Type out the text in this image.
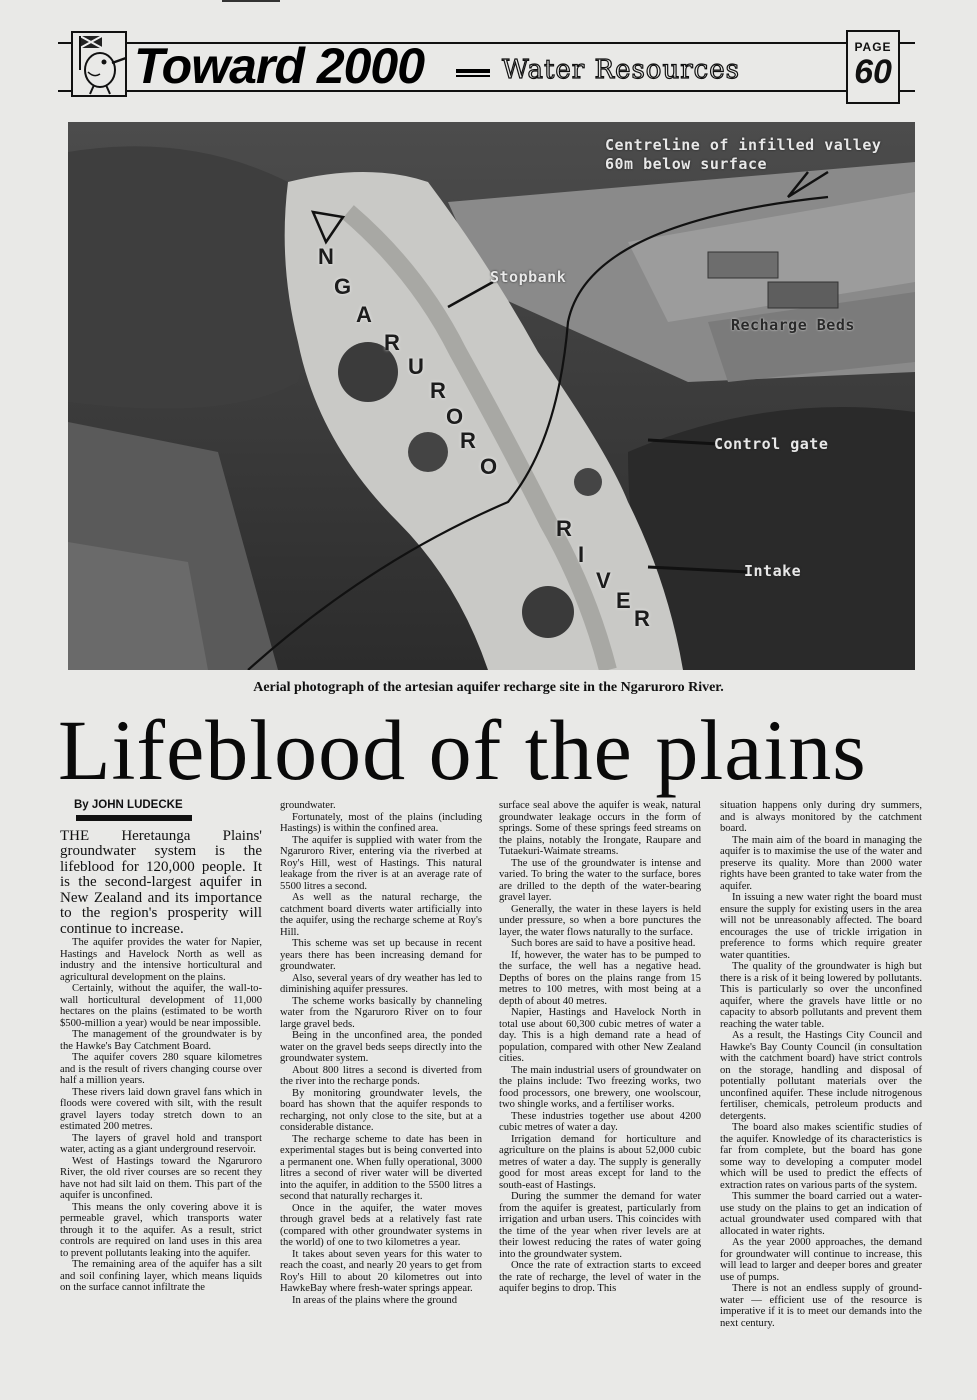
Toward 2000	Water Resources
PAGE
60
Centreline of infilled valley
60m below surface
Stopbank
Recharge Beds
Control gate
Intake
N
G
A
R
U
R
O
R
O
R
I
V
E
R
Aerial photograph of the artesian aquifer recharge site in the Ngaruroro River.
Lifeblood of the plains
By JOHN LUDECKE

THE Heretaunga Plains' groundwater system is the lifeblood for 120,000 people. It is the second-largest aquifer in New Zealand and its importance to the region's prosperity will continue to increase.

The aquifer provides the water for Napier, Hastings and Havelock North as well as industry and the intensive horticultural and agricultural development on the plains.

Certainly, without the aquifer, the wall-to-wall horticultural development of 11,000 hectares on the plains (estimated to be worth $500-million a year) would be near impossible.

The management of the groundwater is by the Hawke's Bay Catchment Board.

The aquifer covers 280 square kilometres and is the result of rivers changing course over half a million years.

These rivers laid down gravel fans which in floods were covered with silt, with the result gravel layers today stretch down to an estimated 200 metres.

The layers of gravel hold and transport water, acting as a giant underground reservoir.

West of Hastings toward the Ngaruroro River, the old river courses are so recent they have not had silt laid on them. This part of the aquifer is unconfined.

This means the only covering above it is permeable gravel, which transports water through it to the aquifer. As a result, strict controls are required on land uses in this area to prevent pollutants leaking into the aquifer.

The remaining area of the aquifer has a silt and soil confining layer, which means liquids on the surface cannot infiltrate the

groundwater.

Fortunately, most of the plains (including Hastings) is within the confined area.

The aquifer is supplied with water from the Ngaruroro River, entering via the riverbed at Roy's Hill, west of Hastings. This natural leakage from the river is at an average rate of 5500 litres a second.

As well as the natural recharge, the catchment board diverts water artificially into the aquifer, using the recharge scheme at Roy's Hill.

This scheme was set up because in recent years there has been increasing demand for groundwater.

Also, several years of dry weather has led to diminishing aquifer pressures.

The scheme works basically by channeling water from the Ngaruroro River on to four large gravel beds.

Being in the unconfined area, the ponded water on the gravel beds seeps directly into the groundwater system.

About 800 litres a second is diverted from the river into the recharge ponds.

By monitoring groundwater levels, the board has shown that the aquifer responds to recharging, not only close to the site, but at a considerable distance.

The recharge scheme to date has been in experimental stages but is being converted into a permanent one. When fully operational, 3000 litres a second of river water will be diverted into the aquifer, in addition to the 5500 litres a second that naturally recharges it.

Once in the aquifer, the water moves through gravel beds at a relatively fast rate (compared with other groundwater systems in the world) of one to two kilometres a year.

It takes about seven years for this water to reach the coast, and nearly 20 years to get from Roy's Hill to about 20 kilometres out into HawkeBay where fresh-water springs appear.

In areas of the plains where the ground

surface seal above the aquifer is weak, natural groundwater leakage occurs in the form of springs. Some of these springs feed streams on the plains, notably the Irongate, Raupare and Tutaekuri-Waimate streams.

The use of the groundwater is intense and varied. To bring the water to the surface, bores are drilled to the depth of the water-bearing gravel layer.

Generally, the water in these layers is held under pressure, so when a bore punctures the layer, the water flows naturally to the surface.

Such bores are said to have a positive head.

If, however, the water has to be pumped to the surface, the well has a negative head. Depths of bores on the plains range from 15 metres to 100 metres, with most being at a depth of about 40 metres.

Napier, Hastings and Havelock North in total use about 60,300 cubic metres of water a day. This is a high demand rate a head of population, compared with other New Zealand cities.

The main industrial users of groundwater on the plains include: Two freezing works, two food processors, one brewery, one woolscour, two shingle works, and a fertiliser works.

These industries together use about 4200 cubic metres of water a day.

Irrigation demand for horticulture and agriculture on the plains is about 52,000 cubic metres of water a day. The supply is generally good for most areas except for land to the south-east of Hastings.

During the summer the demand for water from the aquifer is greatest, particularly from irrigation and urban users. This coincides with the time of the year when river levels are at their lowest reducing the rates of water going into the groundwater system.

Once the rate of extraction starts to exceed the rate of recharge, the level of water in the aquifer begins to drop. This

situation happens only during dry summers, and is always monitored by the catchment board.

The main aim of the board in managing the aquifer is to maximise the use of the water and preserve its quality. More than 2000 water rights have been granted to take water from the aquifer.

In issuing a new water right the board must ensure the supply for existing users in the area will not be unreasonably affected. The board encourages the use of trickle irrigation in preference to forms which require greater water quantities.

The quality of the groundwater is high but there is a risk of it being lowered by pollutants. This is particularly so over the unconfined aquifer, where the gravels have little or no capacity to absorb pollutants and prevent them reaching the water table.

As a result, the Hastings City Council and Hawke's Bay County Council (in consultation with the catchment board) have strict controls on the storage, handling and disposal of potentially pollutant materials over the unconfined aquifer. These include nitrogenous fertiliser, chemicals, petroleum products and detergents.

The board also makes scientific studies of the aquifer. Knowledge of its characteristics is far from complete, but the board has gone some way to developing a computer model which will be used to predict the effects of extraction rates on various parts of the system.

This summer the board carried out a water-use study on the plains to get an indication of actual groundwater used compared with that allocated in water rights.

As the year 2000 approaches, the demand for groundwater will continue to increase, this will lead to larger and deeper bores and greater use of pumps.

There is not an endless supply of ground-water — efficient use of the resource is imperative if it is to meet our demands into the next century.
